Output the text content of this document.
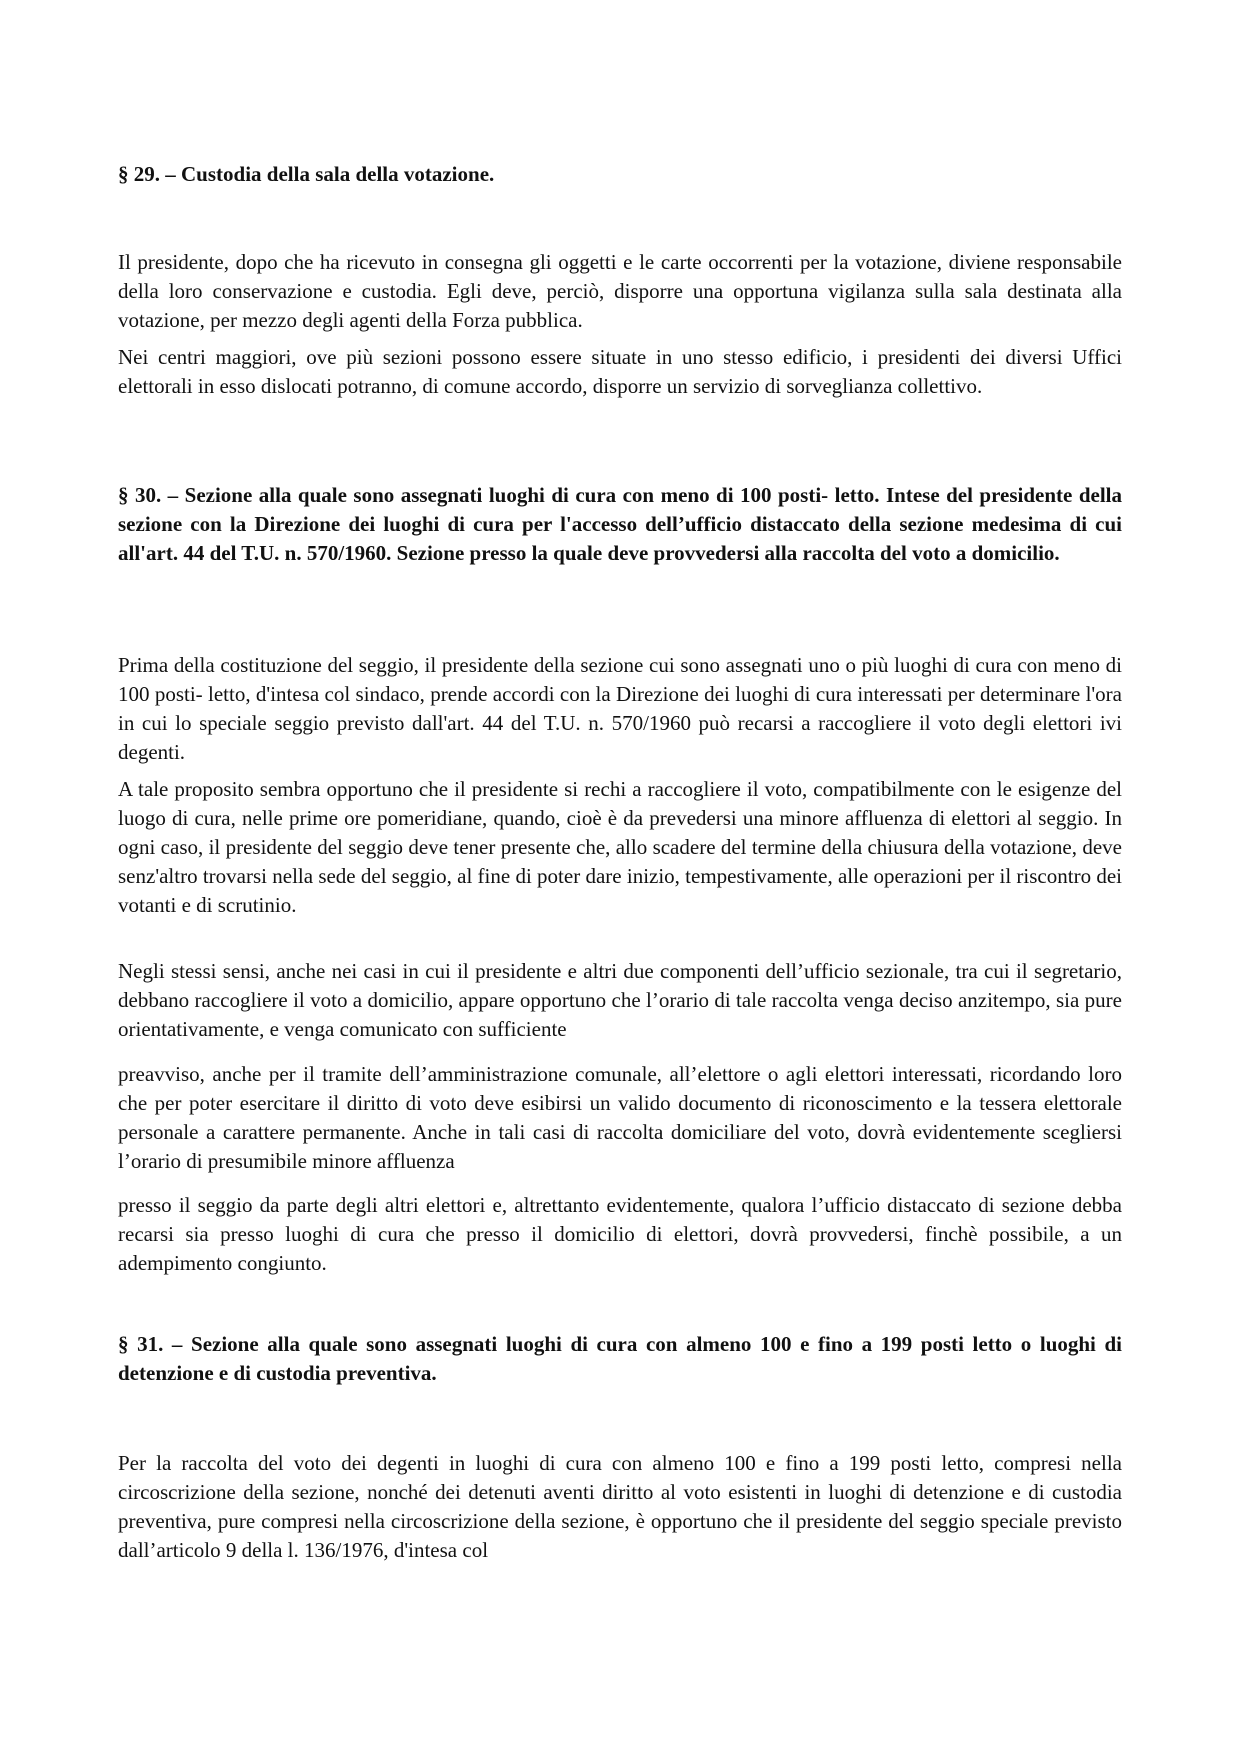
§ 29. – Custodia della sala della votazione.

Il presidente, dopo che ha ricevuto in consegna gli oggetti e le carte occorrenti per la votazione, diviene responsabile della loro conservazione e custodia. Egli deve, perciò, disporre una opportuna vigilanza sulla sala destinata alla votazione, per mezzo degli agenti della Forza pubblica.

Nei centri maggiori, ove più sezioni possono essere situate in uno stesso edificio, i presidenti dei diversi Uffici elettorali in esso dislocati potranno, di comune accordo, disporre un servizio di sorveglianza collettivo.

§ 30. – Sezione alla quale sono assegnati luoghi di cura con meno di 100 posti- letto. Intese del presidente della sezione con la Direzione dei luoghi di cura per l'accesso dell’ufficio distaccato della sezione medesima di cui all'art. 44 del T.U. n. 570/1960. Sezione presso la quale deve provvedersi alla raccolta del voto a domicilio.

Prima della costituzione del seggio, il presidente della sezione cui sono assegnati uno o più luoghi di cura con meno di 100 posti- letto, d'intesa col sindaco, prende accordi con la Direzione dei luoghi di cura interessati per determinare l'ora in cui lo speciale seggio previsto dall'art. 44 del T.U. n. 570/1960 può recarsi a raccogliere il voto degli elettori ivi degenti.

A tale proposito sembra opportuno che il presidente si rechi a raccogliere il voto, compatibilmente con le esigenze del luogo di cura, nelle prime ore pomeridiane, quando, cioè è da prevedersi una minore affluenza di elettori al seggio. In ogni caso, il presidente del seggio deve tener presente che, allo scadere del termine della chiusura della votazione, deve senz'altro trovarsi nella sede del seggio, al fine di poter dare inizio, tempestivamente, alle operazioni per il riscontro dei votanti e di scrutinio.

Negli stessi sensi, anche nei casi in cui il presidente e altri due componenti dell’ufficio sezionale, tra cui il segretario, debbano raccogliere il voto a domicilio, appare opportuno che l’orario di tale raccolta venga deciso anzitempo, sia pure orientativamente, e venga comunicato con sufficiente

preavviso, anche per il tramite dell’amministrazione comunale, all’elettore o agli elettori interessati, ricordando loro che per poter esercitare il diritto di voto deve esibirsi un valido documento di riconoscimento e la tessera elettorale personale a carattere permanente. Anche in tali casi di raccolta domiciliare del voto, dovrà evidentemente scegliersi l’orario di presumibile minore affluenza

presso il seggio da parte degli altri elettori e, altrettanto evidentemente, qualora l’ufficio distaccato di sezione debba recarsi sia presso luoghi di cura che presso il domicilio di elettori, dovrà provvedersi, finchè possibile, a un adempimento congiunto.

§ 31. – Sezione alla quale sono assegnati luoghi di cura con almeno 100 e fino a 199 posti letto o luoghi di detenzione e di custodia preventiva.

Per la raccolta del voto dei degenti in luoghi di cura con almeno 100 e fino a 199 posti letto, compresi nella circoscrizione della sezione, nonché dei detenuti aventi diritto al voto esistenti in luoghi di detenzione e di custodia preventiva, pure compresi nella circoscrizione della sezione, è opportuno che il presidente del seggio speciale previsto dall’articolo 9 della l. 136/1976, d'intesa col
